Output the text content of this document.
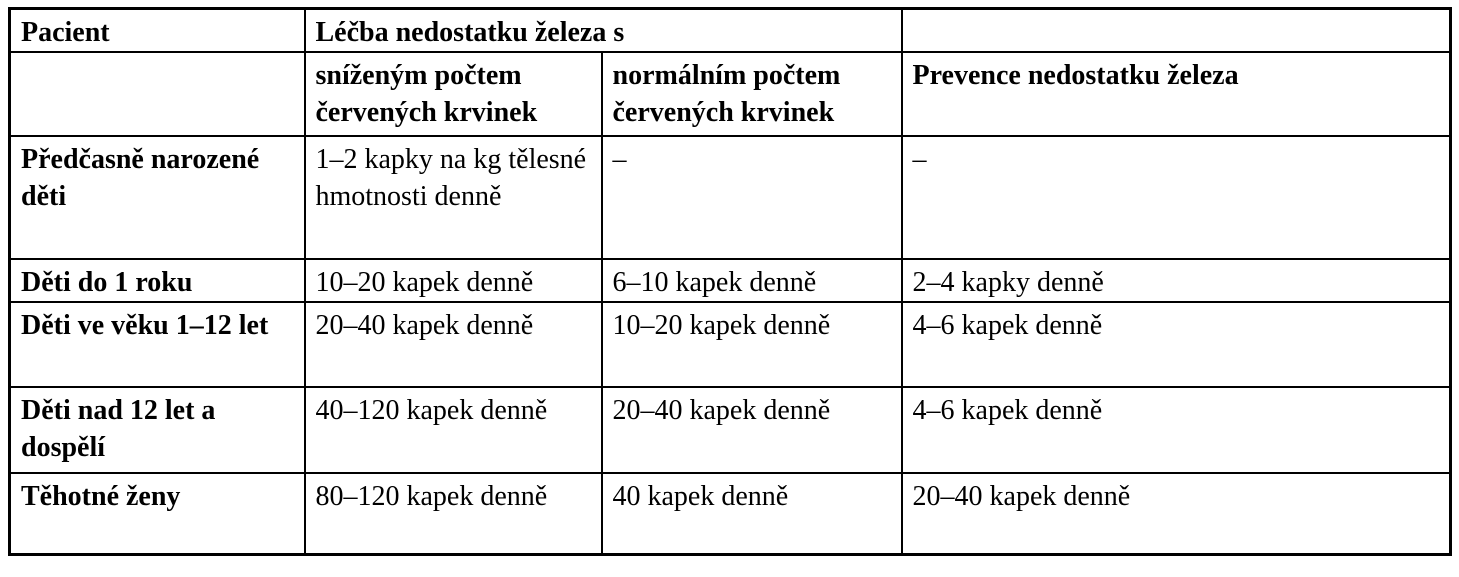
Pacient	Léčba nedostatku železa s		
	sníženým počtem červených krvinek	normálním počtem červených krvinek	Prevence nedostatku železa
Předčasně narozené děti	1–2 kapky na kg tělesné hmotnosti denně	–	–
Děti do 1 roku	10–20 kapek denně	6–10 kapek denně	2–4 kapky denně
Děti ve věku 1–12 let	20–40 kapek denně	10–20 kapek denně	4–6 kapek denně
Děti nad 12 let a dospělí	40–120 kapek denně	20–40 kapek denně	4–6 kapek denně
Těhotné ženy	80–120 kapek denně	40 kapek denně	20–40 kapek denně
